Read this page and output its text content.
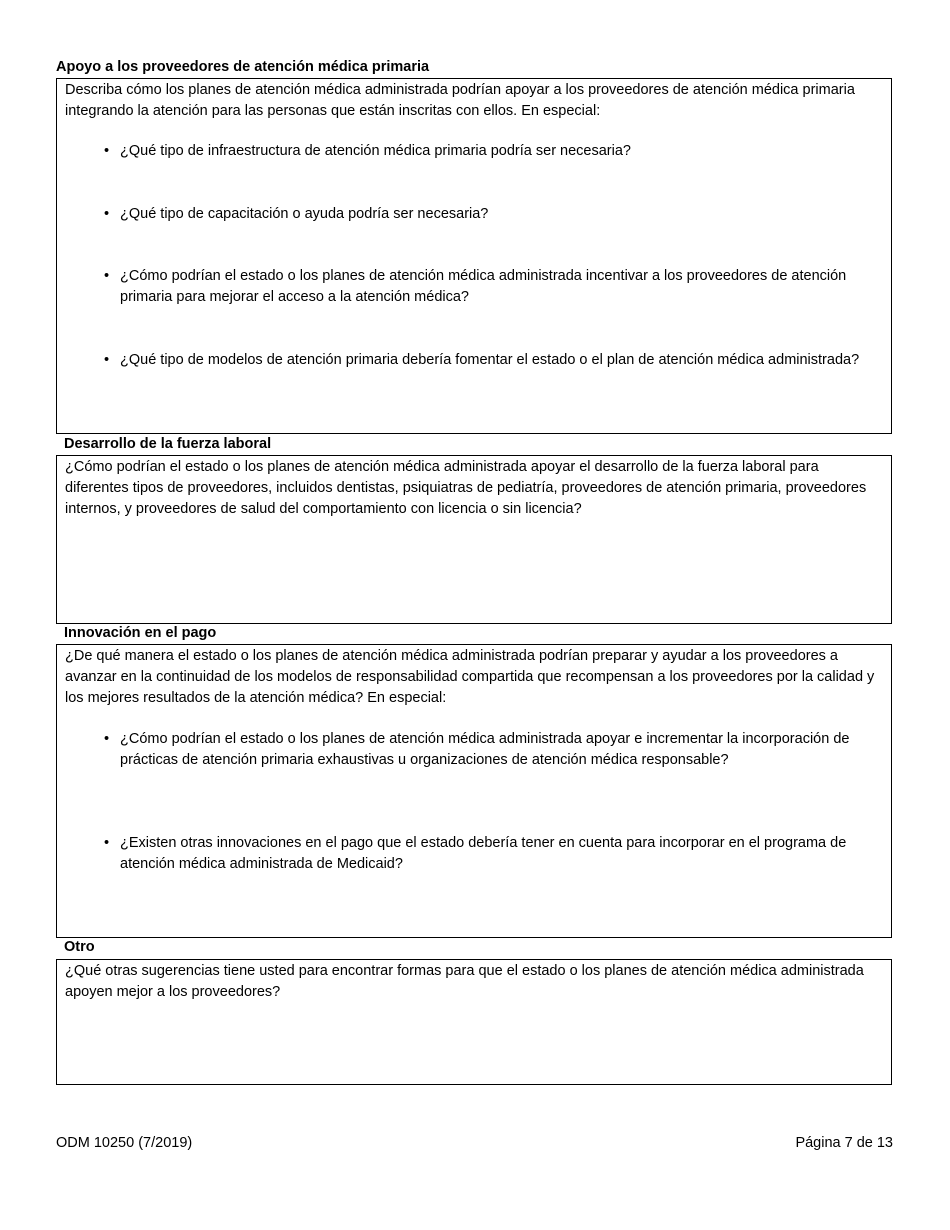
Apoyo a los proveedores de atención médica primaria

Describa cómo los planes de atención médica administrada podrían apoyar a los proveedores de atención médica primaria integrando la atención para las personas que están inscritas con ellos. En especial:

• ¿Qué tipo de infraestructura de atención médica primaria podría ser necesaria?
• ¿Qué tipo de capacitación o ayuda podría ser necesaria?
• ¿Cómo podrían el estado o los planes de atención médica administrada incentivar a los proveedores de atención primaria para mejorar el acceso a la atención médica?
• ¿Qué tipo de modelos de atención primaria debería fomentar el estado o el plan de atención médica administrada?
Desarrollo de la fuerza laboral

¿Cómo podrían el estado o los planes de atención médica administrada apoyar el desarrollo de la fuerza laboral para diferentes tipos de proveedores, incluidos dentistas, psiquiatras de pediatría, proveedores de atención primaria, proveedores internos, y proveedores de salud del comportamiento con licencia o sin licencia?

Innovación en el pago

¿De qué manera el estado o los planes de atención médica administrada podrían preparar y ayudar a los proveedores a avanzar en la continuidad de los modelos de responsabilidad compartida que recompensan a los proveedores por la calidad y los mejores resultados de la atención médica? En especial:

• ¿Cómo podrían el estado o los planes de atención médica administrada apoyar e incrementar la incorporación de prácticas de atención primaria exhaustivas u organizaciones de atención médica responsable?
• ¿Existen otras innovaciones en el pago que el estado debería tener en cuenta para incorporar en el programa de atención médica administrada de Medicaid?
Otro

¿Qué otras sugerencias tiene usted para encontrar formas para que el estado o los planes de atención médica administrada apoyen mejor a los proveedores?

ODM 10250 (7/2019)	Página 7 de 13
